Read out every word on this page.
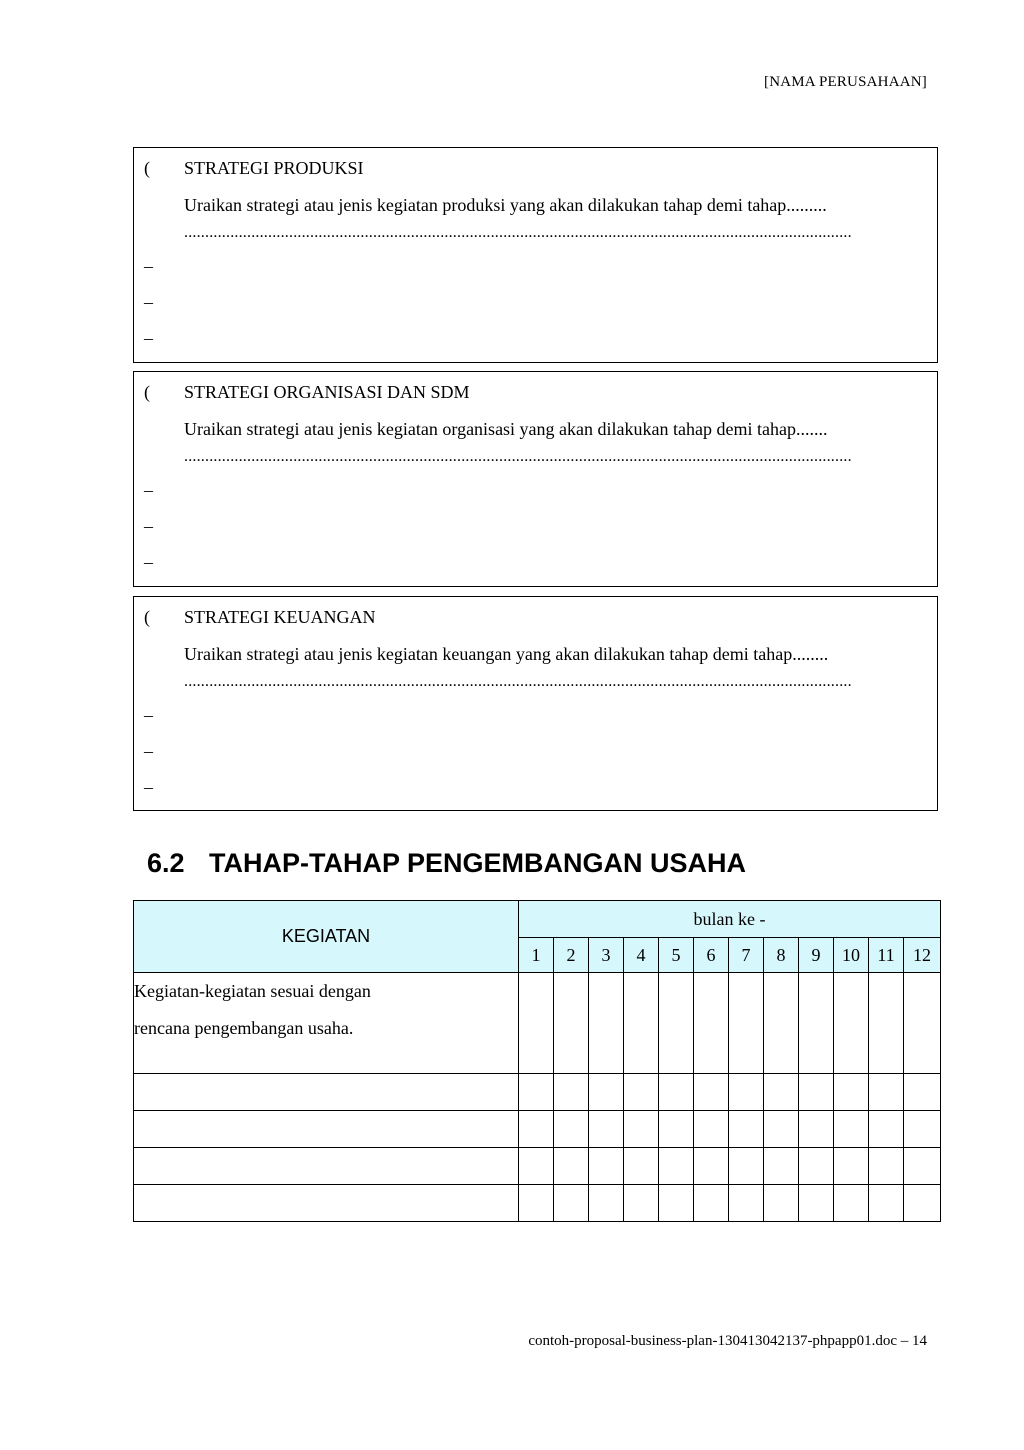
[NAMA PERUSAHAAN]
( STRATEGI PRODUKSI
Uraikan strategi atau jenis kegiatan produksi yang akan dilakukan tahap demi tahap.........
...............................................................................................................................................................
–
–
–
( STRATEGI ORGANISASI DAN SDM
Uraikan strategi atau jenis kegiatan organisasi yang akan dilakukan tahap demi tahap.......
...............................................................................................................................................................
–
–
–
( STRATEGI KEUANGAN
Uraikan strategi atau jenis kegiatan keuangan yang akan dilakukan tahap demi tahap........
...............................................................................................................................................................
–
–
–
6.2 TAHAP-TAHAP PENGEMBANGAN USAHA
KEGIATAN	bulan ke -											
	1	2	3	4	5	6	7	8	9	10	11	12

Kegiatan-kegiatan sesuai dengan
rencana pengembangan usaha.												

contoh-proposal-business-plan-130413042137-phpapp01.doc – 14
